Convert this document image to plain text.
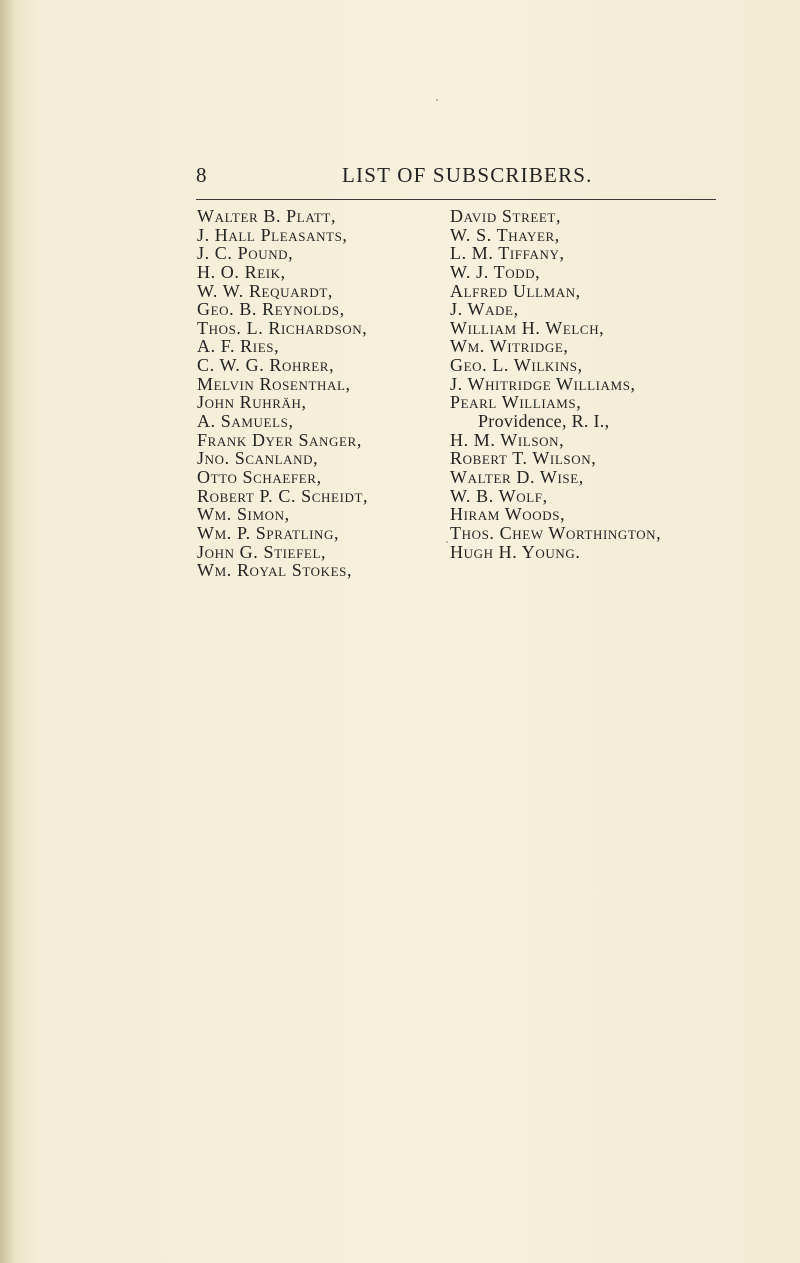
8	LIST OF SUBSCRIBERS.
Walter B. Platt,
J. Hall Pleasants,
J. C. Pound,
H. O. Reik,
W. W. Requardt,
Geo. B. Reynolds,
Thos. L. Richardson,
A. F. Ries,
C. W. G. Rohrer,
Melvin Rosenthal,
John Ruhräh,
A. Samuels,
Frank Dyer Sanger,
Jno. Scanland,
Otto Schaefer,
Robert P. C. Scheidt,
Wm. Simon,
Wm. P. Spratling,
John G. Stiefel,
Wm. Royal Stokes,
David Street,
W. S. Thayer,
L. M. Tiffany,
W. J. Todd,
Alfred Ullman,
J. Wade,
William H. Welch,
Wm. Witridge,
Geo. L. Wilkins,
J. Whitridge Williams,
Pearl Williams,
Providence, R. I.,
H. M. Wilson,
Robert T. Wilson,
Walter D. Wise,
W. B. Wolf,
Hiram Woods,
Thos. Chew Worthington,
Hugh H. Young.
